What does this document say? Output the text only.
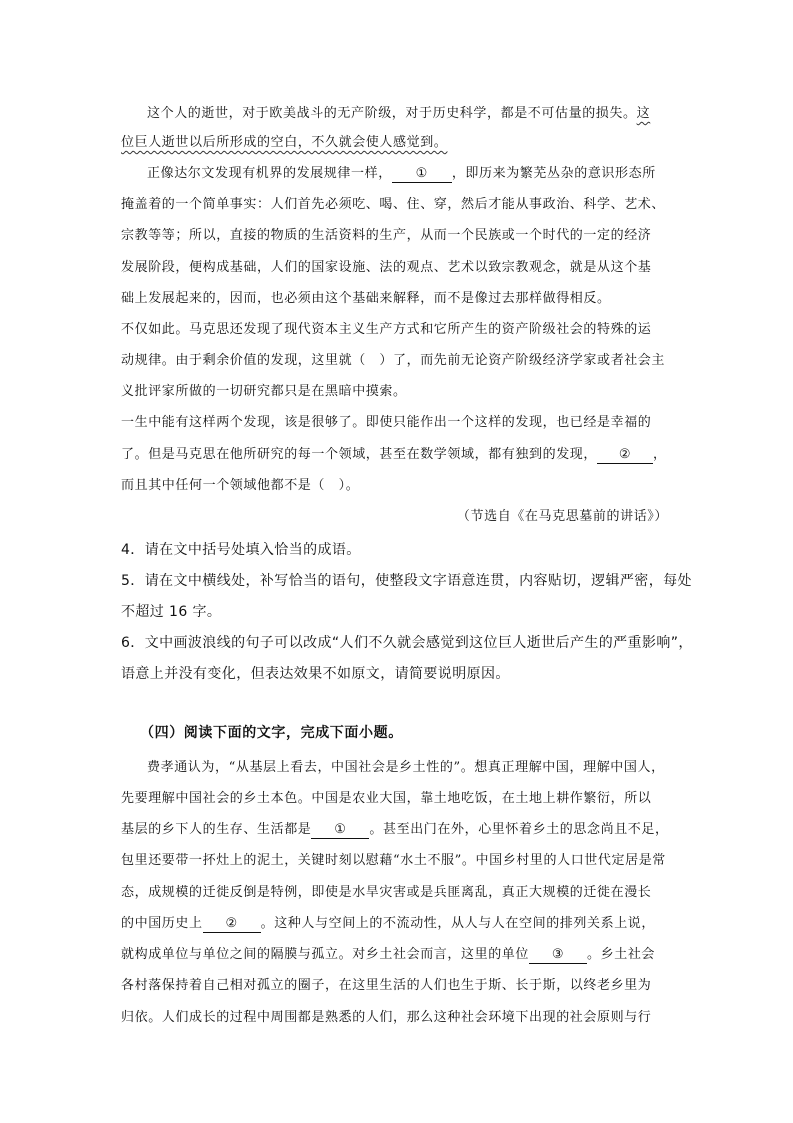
这个人的逝世，对于欧美战斗的无产阶级，对于历史科学，都是不可估量的损失。这
位巨人逝世以后所形成的空白，不久就会使人感觉到。
正像达尔文发现有机界的发展规律一样， ① ，即历来为繁芜丛杂的意识形态所
掩盖着的一个简单事实：人们首先必须吃、喝、住、穿，然后才能从事政治、科学、艺术、
宗教等等；所以，直接的物质的生活资料的生产，从而一个民族或一个时代的一定的经济
发展阶段，便构成基础，人们的国家设施、法的观点、艺术以致宗教观念，就是从这个基
础上发展起来的，因而，也必须由这个基础来解释，而不是像过去那样做得相反。
不仅如此。马克思还发现了现代资本主义生产方式和它所产生的资产阶级社会的特殊的运
动规律。由于剩余价值的发现，这里就（　）了，而先前无论资产阶级经济学家或者社会主
义批评家所做的一切研究都只是在黑暗中摸索。
一生中能有这样两个发现，该是很够了。即使只能作出一个这样的发现，也已经是幸福的
了。但是马克思在他所研究的每一个领域，甚至在数学领域，都有独到的发现， ② ，
而且其中任何一个领域他都不是（　）。
（节选自《在马克思墓前的讲话》）
4．请在文中括号处填入恰当的成语。
5．请在文中横线处，补写恰当的语句，使整段文字语意连贯，内容贴切，逻辑严密，每处
不超过 16 字。
6．文中画波浪线的句子可以改成“人们不久就会感觉到这位巨人逝世后产生的严重影响”，
语意上并没有变化，但表达效果不如原文，请简要说明原因。
（四）阅读下面的文字，完成下面小题。
费孝通认为，“从基层上看去，中国社会是乡土性的”。想真正理解中国，理解中国人，
先要理解中国社会的乡土本色。中国是农业大国，靠土地吃饭，在土地上耕作繁衍，所以
基层的乡下人的生存、生活都是 ① 。甚至出门在外，心里怀着乡土的思念尚且不足，
包里还要带一抔灶上的泥土，关键时刻以慰藉“水土不服”。中国乡村里的人口世代定居是常
态，成规模的迁徙反倒是特例，即使是水旱灾害或是兵匪离乱，真正大规模的迁徙在漫长
的中国历史上 ② 。这种人与空间上的不流动性，从人与人在空间的排列关系上说，
就构成单位与单位之间的隔膜与孤立。对乡土社会而言，这里的单位 ③ 。乡土社会
各村落保持着自己相对孤立的圈子，在这里生活的人们也生于斯、长于斯，以终老乡里为
归依。人们成长的过程中周围都是熟悉的人们，那么这种社会环境下出现的社会原则与行
